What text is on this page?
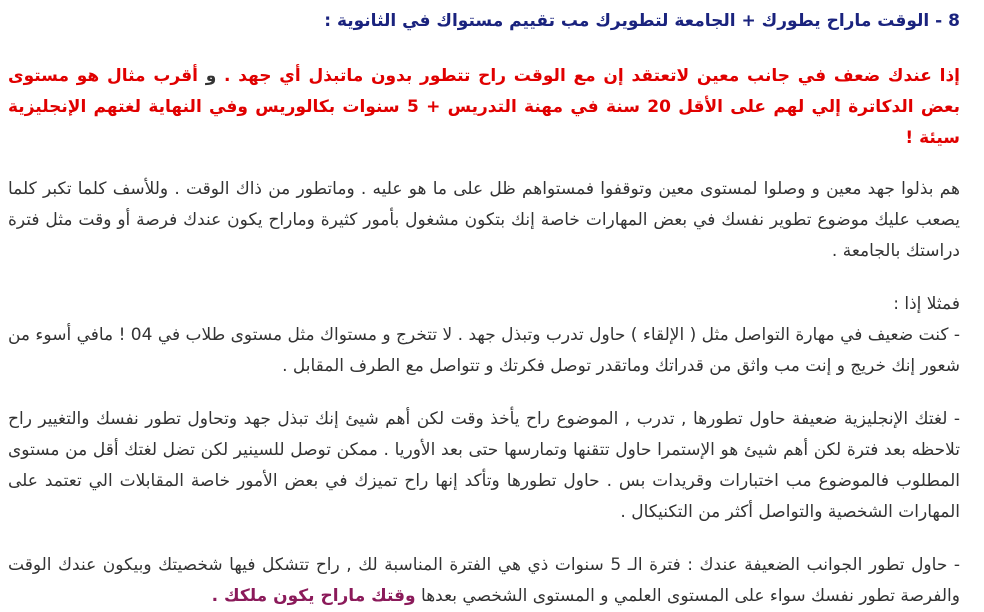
8 - الوقت ماراح يطورك + الجامعة لتطويرك مب تقييم مستواك في الثانوية :

إذا عندك ضعف في جانب معين لاتعتقد إن مع الوقت راح تتطور بدون ماتبذل أي جهد . و أقرب مثال هو مستوى بعض الدكاترة إلي لهم على الأقل 20 سنة في مهنة التدريس + 5 سنوات بكالوريس وفي النهاية لغتهم الإنجليزية سيئة !

هم بذلوا جهد معين و وصلوا لمستوى معين وتوقفوا فمستواهم ظل على ما هو عليه . وماتطور من ذاك الوقت . وللأسف كلما تكبر كلما يصعب عليك موضوع تطوير نفسك في بعض المهارات خاصة إنك بتكون مشغول بأمور كثيرة وماراح يكون عندك فرصة أو وقت مثل فترة دراستك بالجامعة .

فمثلا إذا :

- كنت ضعيف في مهارة التواصل مثل ( الإلقاء ) حاول تدرب وتبذل جهد . لا تتخرج و مستواك مثل مستوى طلاب في 04 ! مافي أسوء من شعور إنك خريج و إنت مب واثق من قدراتك وماتقدر توصل فكرتك و تتواصل مع الطرف المقابل .

- لغتك الإنجليزية ضعيفة حاول تطورها , تدرب , الموضوع راح يأخذ وقت لكن أهم شيئ إنك تبذل جهد وتحاول تطور نفسك والتغيير راح تلاحظه بعد فترة لكن أهم شيئ هو الإستمرا حاول تتقنها وتمارسها حتى بعد الأوريا . ممكن توصل للسينير لكن تضل لغتك أقل من مستوى المطلوب فالموضوع مب اختبارات وقريدات بس . حاول تطورها وتأكد إنها راح تميزك في بعض الأمور خاصة المقابلات الي تعتمد على المهارات الشخصية والتواصل أكثر من التكنيكال .

- حاول تطور الجوانب الضعيفة عندك : فترة الـ 5 سنوات ذي هي الفترة المناسبة لك , راح تتشكل فيها شخصيتك وبيكون عندك الوقت والفرصة تطور نفسك سواء على المستوى العلمي و المستوى الشخصي بعدها وقتك ماراح يكون ملكك .
